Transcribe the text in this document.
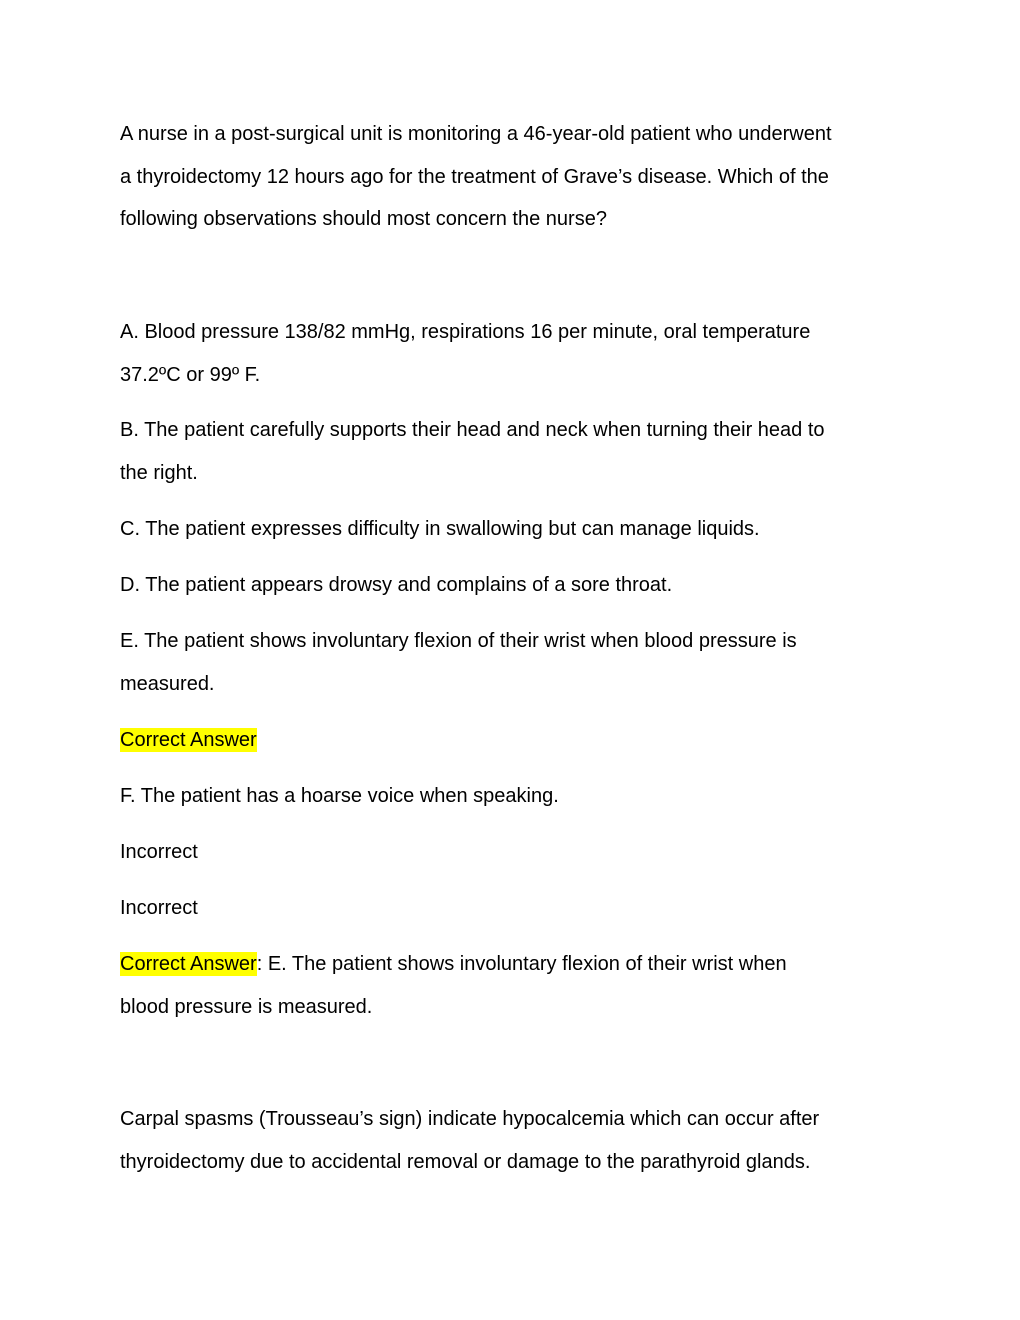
A nurse in a post-surgical unit is monitoring a 46-year-old patient who underwent
a thyroidectomy 12 hours ago for the treatment of Grave’s disease. Which of the
following observations should most concern the nurse?
A. Blood pressure 138/82 mmHg, respirations 16 per minute, oral temperature
37.2ºC or 99º F.
B. The patient carefully supports their head and neck when turning their head to
the right.
C. The patient expresses difficulty in swallowing but can manage liquids.
D. The patient appears drowsy and complains of a sore throat.
E. The patient shows involuntary flexion of their wrist when blood pressure is
measured.
Correct Answer
F. The patient has a hoarse voice when speaking.
Incorrect
Incorrect
Correct Answer: E. The patient shows involuntary flexion of their wrist when
blood pressure is measured.
Carpal spasms (Trousseau’s sign) indicate hypocalcemia which can occur after
thyroidectomy due to accidental removal or damage to the parathyroid glands.
